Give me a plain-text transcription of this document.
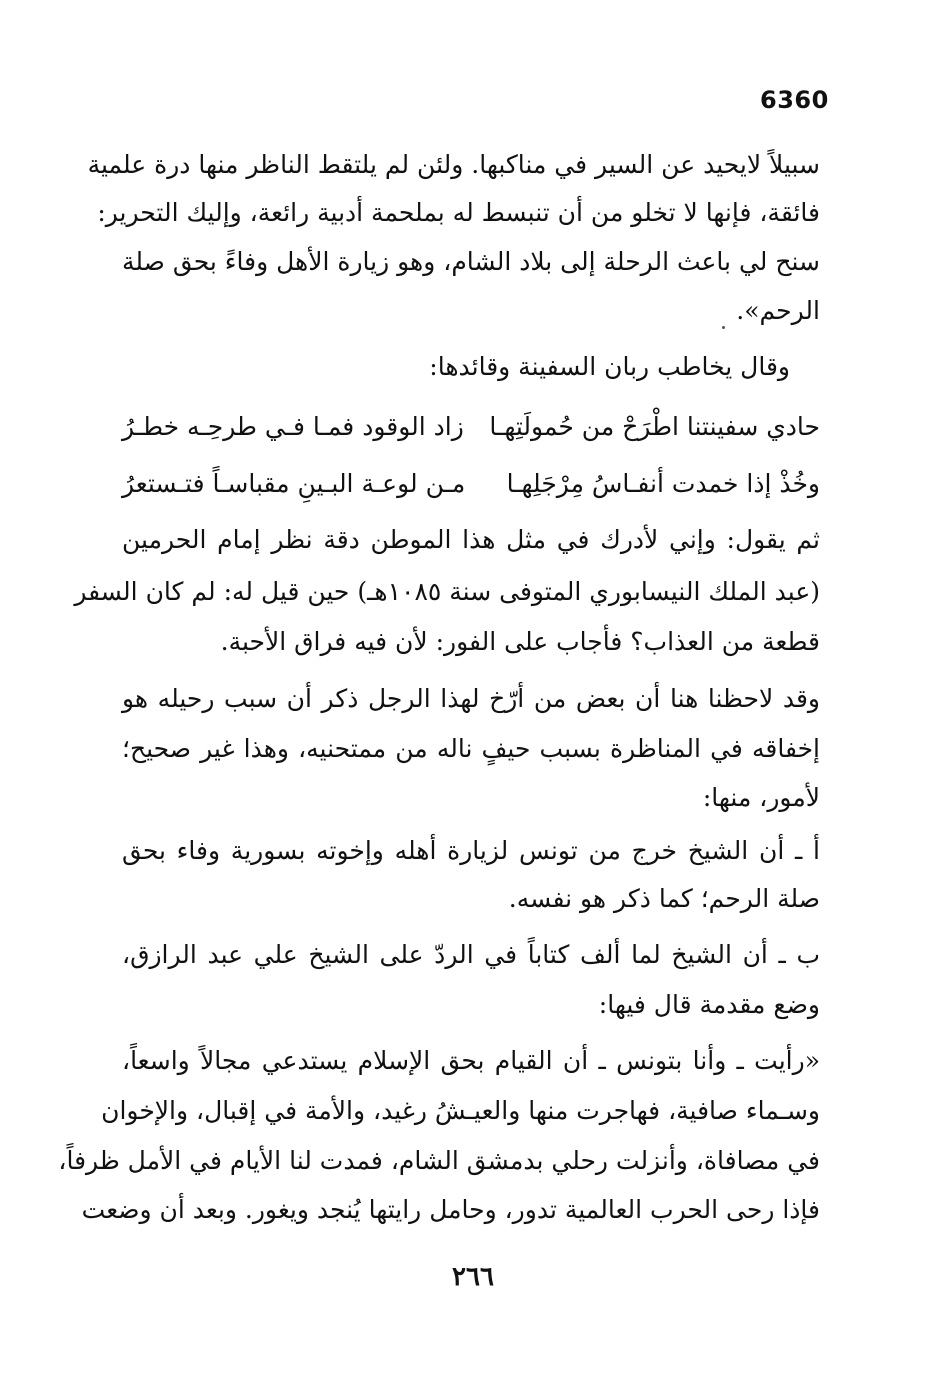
6360
سبيلاً لايحيد عن السير في مناكبها. ولئن لم يلتقط الناظر منها درة علمية
فائقة، فإنها لا تخلو من أن تنبسط له بملحمة أدبية رائعة، وإليك التحرير:
سنح لي باعث الرحلة إلى بلاد الشام، وهو زيارة الأهل وفاءً بحق صلة
الرحم».
وقال يخاطب ربان السفينة وقائدها:
حادي سفينتنا اطْرَحْ من حُمولَتِهـا
زاد الوقود فمـا فـي طرحِـه خطـرُ
وخُذْ إذا خمدت أنفـاسُ مِرْجَلِهـا
مـن لوعـة البـينِ مقباسـاً فتـستعرُ
ثم يقول: وإني لأدرك في مثل هذا الموطن دقة نظر إمام الحرمين
(عبد الملك النيسابوري المتوفى سنة ١٠٨٥هـ) حين قيل له: لم كان السفر
قطعة من العذاب؟ فأجاب على الفور: لأن فيه فراق الأحبة.
وقد لاحظنا هنا أن بعض من أرّخ لهذا الرجل ذكر أن سبب رحيله هو
إخفاقه في المناظرة بسبب حيفٍ ناله من ممتحنيه، وهذا غير صحيح؛
لأمور، منها:
أ ـ أن الشيخ خرج من تونس لزيارة أهله وإخوته بسورية وفاء بحق
صلة الرحم؛ كما ذكر هو نفسه.
ب ـ أن الشيخ لما ألف كتاباً في الردّ على الشيخ علي عبد الرازق،
وضع مقدمة قال فيها:
«رأيت ـ وأنا بتونس ـ أن القيام بحق الإسلام يستدعي مجالاً واسعاً،
وسـماء صافية، فهاجرت منها والعيـشُ رغيد، والأمة في إقبال، والإخوان
في مصافاة، وأنزلت رحلي بدمشق الشام، فمدت لنا الأيام في الأمل ظرفاً،
فإذا رحى الحرب العالمية تدور، وحامل رايتها يُنجد ويغور. وبعد أن وضعت
٢٦٦
